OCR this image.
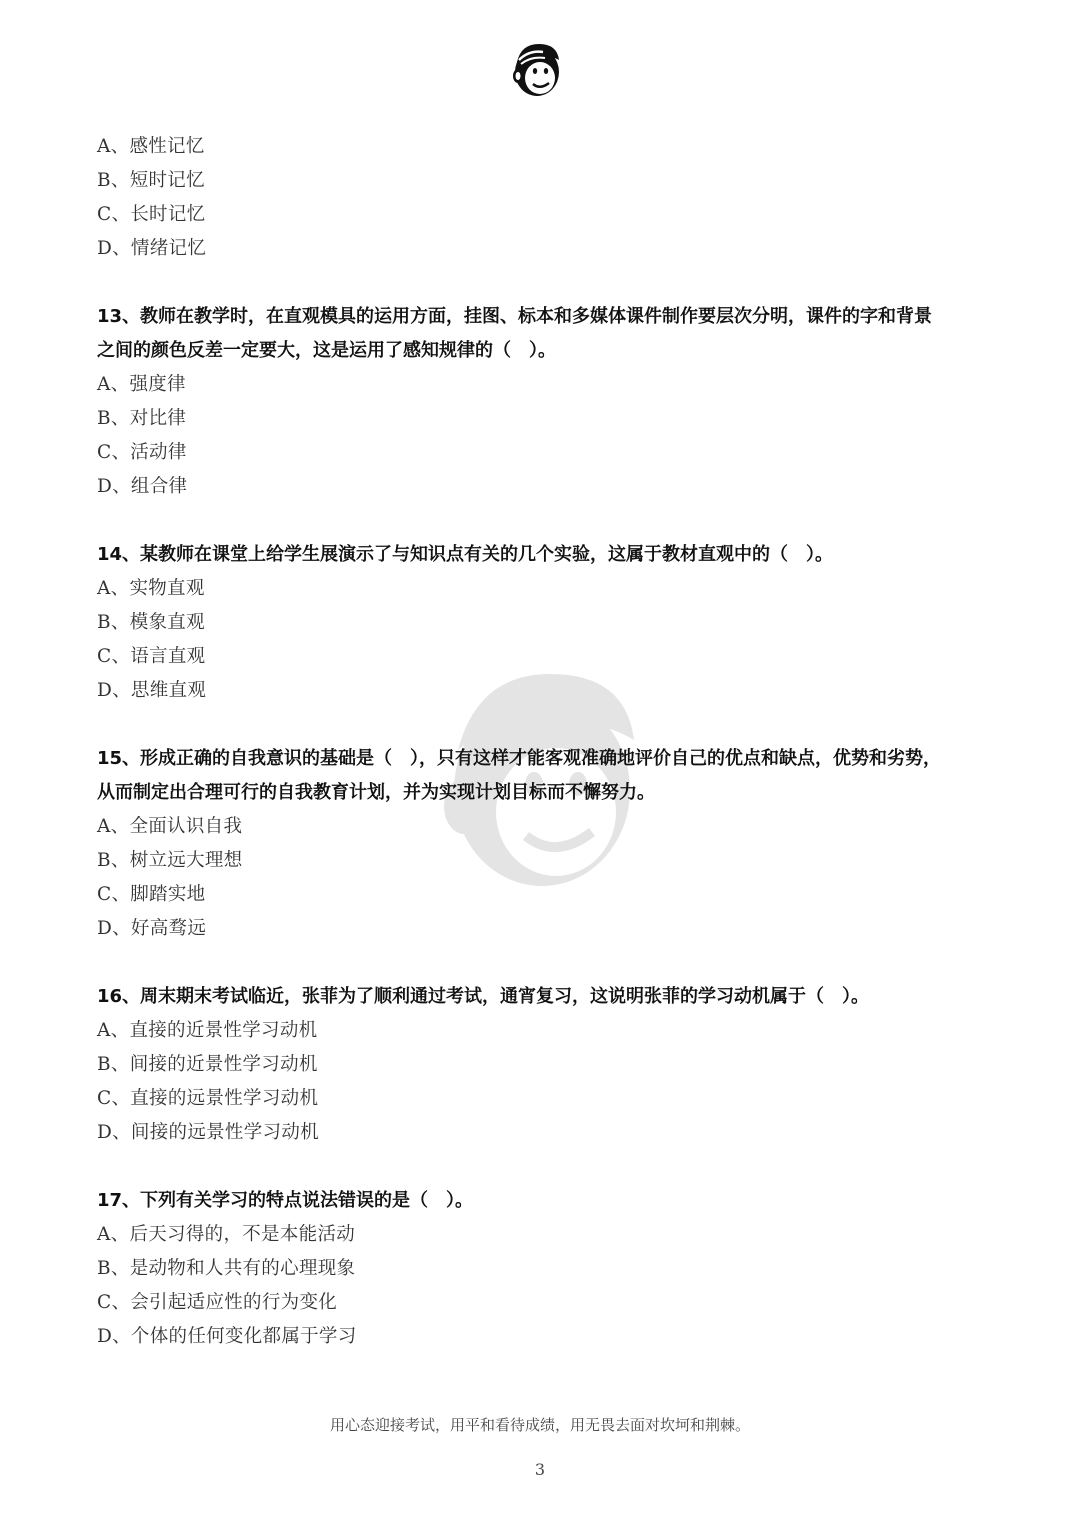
A、感性记忆
B、短时记忆
C、长时记忆
D、情绪记忆
13、教师在教学时，在直观模具的运用方面，挂图、标本和多媒体课件制作要层次分明，课件的字和背景
之间的颜色反差一定要大，这是运用了感知规律的（　）。
A、强度律
B、对比律
C、活动律
D、组合律
14、某教师在课堂上给学生展演示了与知识点有关的几个实验，这属于教材直观中的（　）。
A、实物直观
B、模象直观
C、语言直观
D、思维直观
15、形成正确的自我意识的基础是（　），只有这样才能客观准确地评价自己的优点和缺点，优势和劣势，
从而制定出合理可行的自我教育计划，并为实现计划目标而不懈努力。
A、全面认识自我
B、树立远大理想
C、脚踏实地
D、好高骛远
16、周末期末考试临近，张菲为了顺利通过考试，通宵复习，这说明张菲的学习动机属于（　）。
A、直接的近景性学习动机
B、间接的近景性学习动机
C、直接的远景性学习动机
D、间接的远景性学习动机
17、下列有关学习的特点说法错误的是（　）。
A、后天习得的，不是本能活动
B、是动物和人共有的心理现象
C、会引起适应性的行为变化
D、个体的任何变化都属于学习
用心态迎接考试，用平和看待成绩，用无畏去面对坎坷和荆棘。
3
